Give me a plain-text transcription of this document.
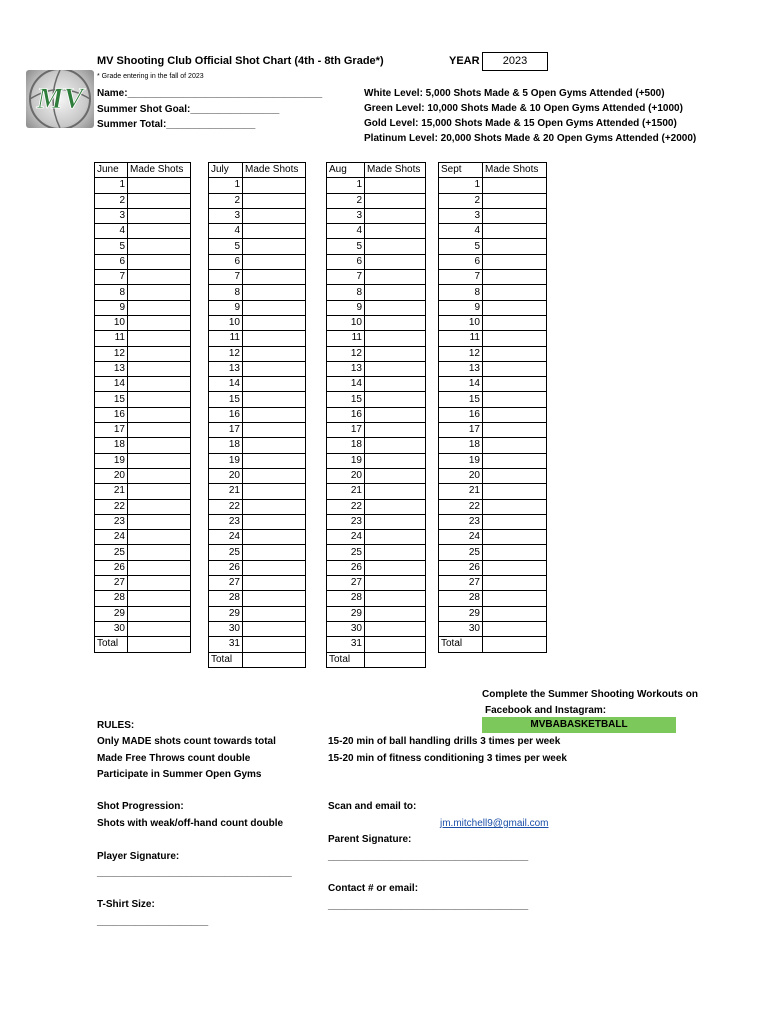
MV Shooting Club Official Shot Chart (4th - 8th Grade*)	YEAR	2023
* Grade entering in the fall of 2023
MV Name:___________________________________
Summer Shot Goal:________________
Summer Total:________________
White Level: 5,000 Shots Made & 5 Open Gyms Attended (+500)
Green Level: 10,000 Shots Made & 10 Open Gyms Attended (+1000)
Gold Level: 15,000 Shots Made & 15 Open Gyms Attended (+1500)
Platinum Level: 20,000 Shots Made & 20 Open Gyms Attended (+2000)
June	Made Shots
1	
2	
3	
4	
5	
6	
7	
8	
9	
10	
11	
12	
13	
14	
15	
16	
17	
18	
19	
20	
21	
22	
23	
24	
25	
26	
27	
28	
29	
30	
Total	
July	Made Shots
1	
2	
3	
4	
5	
6	
7	
8	
9	
10	
11	
12	
13	
14	
15	
16	
17	
18	
19	
20	
21	
22	
23	
24	
25	
26	
27	
28	
29	
30	
31	
Total	
Aug	Made Shots
1	
2	
3	
4	
5	
6	
7	
8	
9	
10	
11	
12	
13	
14	
15	
16	
17	
18	
19	
20	
21	
22	
23	
24	
25	
26	
27	
28	
29	
30	
31	
Total	
Sept	Made Shots
1	
2	
3	
4	
5	
6	
7	
8	
9	
10	
11	
12	
13	
14	
15	
16	
17	
18	
19	
20	
21	
22	
23	
24	
25	
26	
27	
28	
29	
30	
Total	
Complete the Summer Shooting Workouts on
Facebook and Instagram:
MVBABASKETBALL
RULES:
Only MADE shots count towards total
Made Free Throws count double
Participate in Summer Open Gyms
15-20 min of ball handling drills 3 times per week
15-20 min of fitness conditioning 3 times per week
Shot Progression:
Shots with weak/off-hand count double
Scan and email to:
jm.mitchell9@gmail.com
Parent Signature:
____________________________________
Player Signature:
___________________________________
Contact # or email:
____________________________________
T-Shirt Size:
____________________
